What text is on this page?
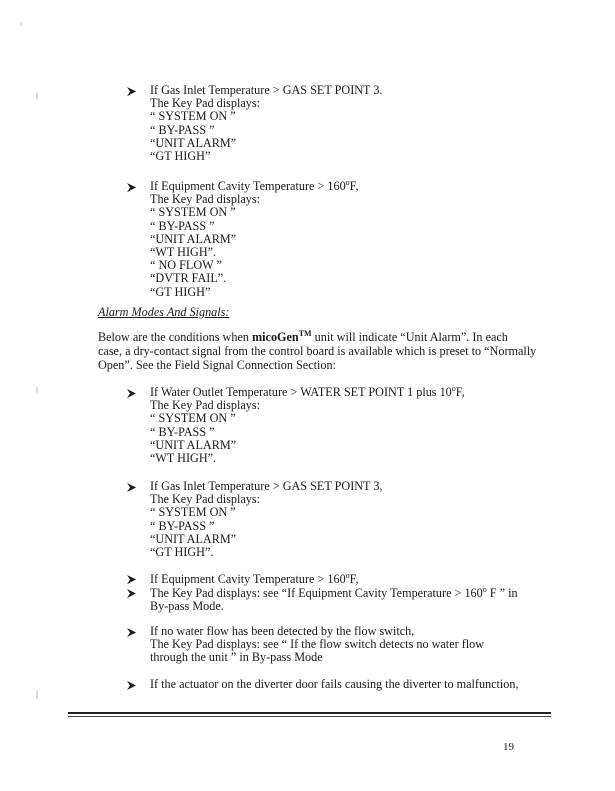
If Gas Inlet Temperature > GAS SET POINT 3.
The Key Pad displays:
“ SYSTEM ON ”
“ BY-PASS ”
“UNIT ALARM”
“GT HIGH”
If Equipment Cavity Temperature > $160^oF$,
The Key Pad displays:
“ SYSTEM ON ”
“ BY-PASS ”
“UNIT ALARM”
“WT HIGH”.
“ NO FLOW ”
“DVTR FAIL”.
“GT HIGH”
Alarm Modes And Signals:
Below are the conditions when micoGen™ unit will indicate “Unit Alarm”. In each
case, a dry-contact signal from the control board is available which is preset to “Normally
Open”. See the Field Signal Connection Section:
If Water Outlet Temperature > WATER SET POINT 1 plus 10$^o$F,
The Key Pad displays:
“ SYSTEM ON ”
“ BY-PASS ”
“UNIT ALARM”
“WT HIGH”.
If Gas Inlet Temperature > GAS SET POINT 3,
The Key Pad displays:
“ SYSTEM ON ”
“ BY-PASS ”
“UNIT ALARM”
“GT HIGH”.
If Equipment Cavity Temperature > $160^oF$,
The Key Pad displays: see “If Equipment Cavity Temperature > $160^o$ F ” in
By-pass Mode.
If no water flow has been detected by the flow switch,
The Key Pad displays: see “ If the flow switch detects no water flow
through the unit ” in By-pass Mode
If the actuator on the diverter door fails causing the diverter to malfunction,
19
